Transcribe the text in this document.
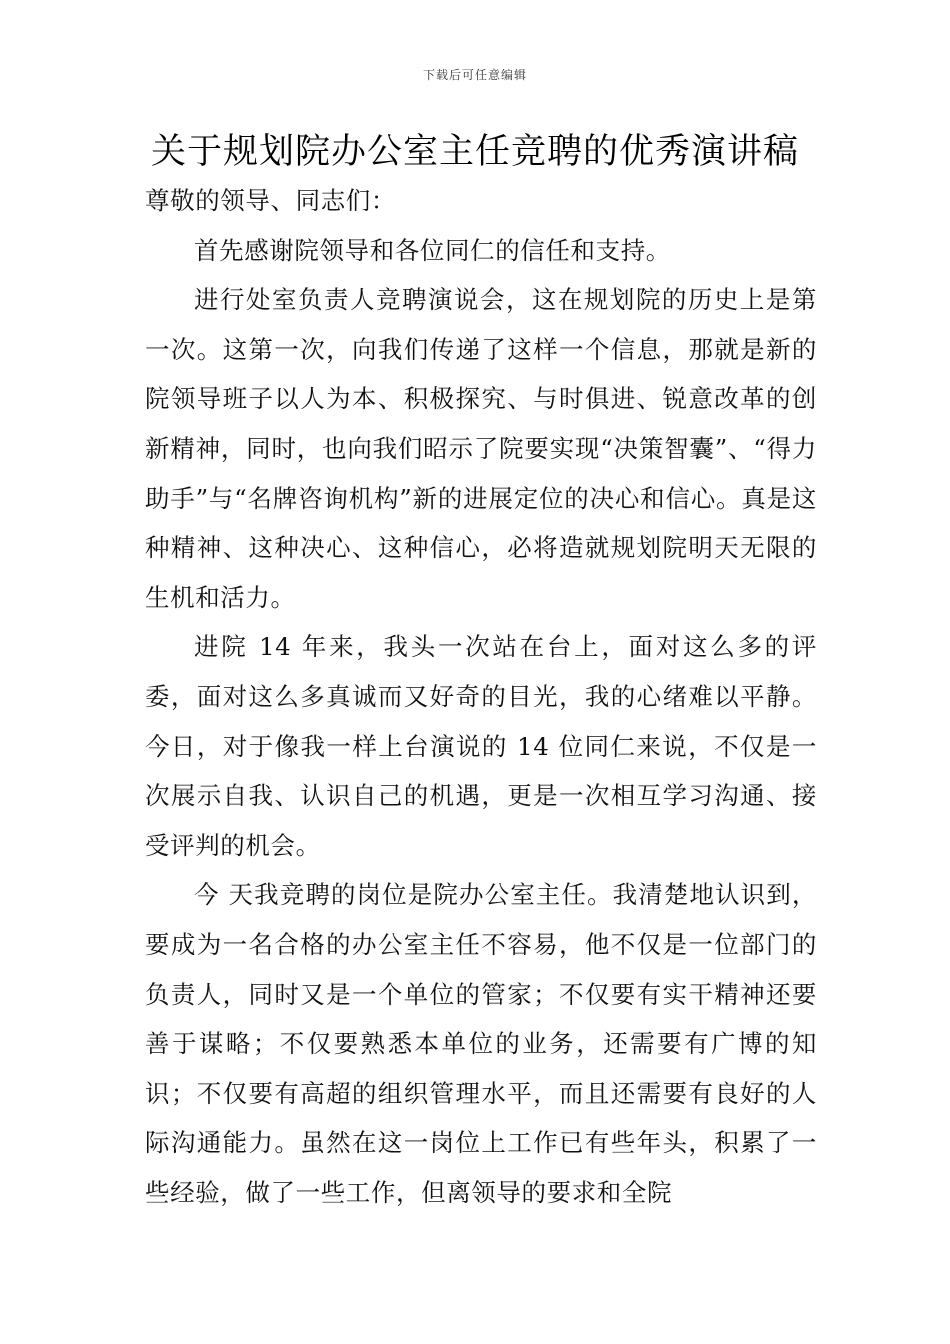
下载后可任意编辑
关于规划院办公室主任竞聘的优秀演讲稿

尊敬的领导、同志们：

首先感谢院领导和各位同仁的信任和支持。

进行处室负责人竞聘演说会，这在规划院的历史上是第一次。这第一次，向我们传递了这样一个信息，那就是新的院领导班子以人为本、积极探究、与时俱进、锐意改革的创新精神，同时，也向我们昭示了院要实现“决策智囊”、“得力助手”与“名牌咨询机构”新的进展定位的决心和信心。真是这种精神、这种决心、这种信心，必将造就规划院明天无限的生机和活力。

进院 14 年来，我头一次站在台上，面对这么多的评委，面对这么多真诚而又好奇的目光，我的心绪难以平静。今日，对于像我一样上台演说的 14 位同仁来说，不仅是一次展示自我、认识自己的机遇，更是一次相互学习沟通、接受评判的机会。

今 天我竞聘的岗位是院办公室主任。我清楚地认识到，要成为一名合格的办公室主任不容易，他不仅是一位部门的负责人，同时又是一个单位的管家；不仅要有实干精神还要善于谋略；不仅要熟悉本单位的业务，还需要有广博的知识；不仅要有高超的组织管理水平，而且还需要有良好的人际沟通能力。虽然在这一岗位上工作已有些年头，积累了一些经验，做了一些工作，但离领导的要求和全院
